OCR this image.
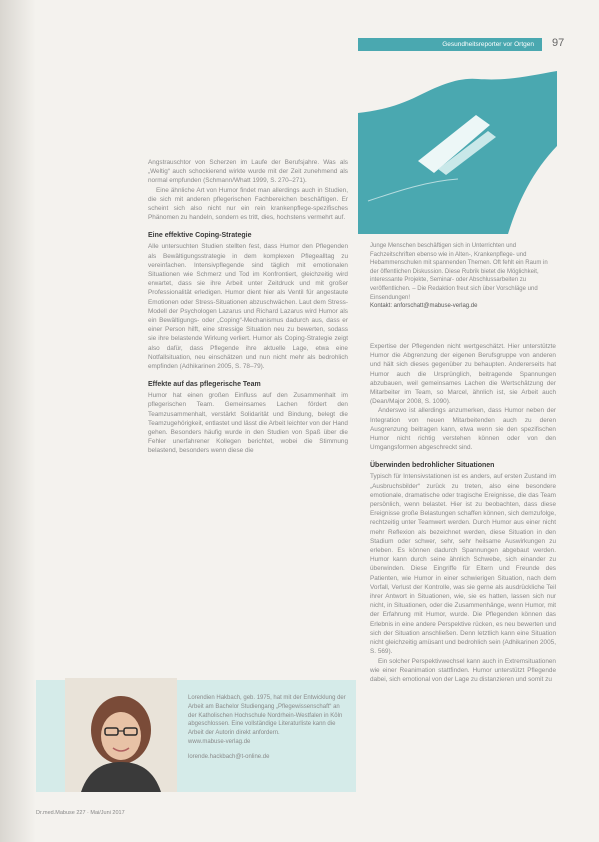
Gesundheitsreporter vor Ortgen 97
Junge Menschen beschäftigen sich in Unterrichten und Fachzeitschriften ebenso wie in Alten-, Krankenpflege- und Hebammenschulen mit spannenden Themen. Oft fehlt ein Raum in der öffentlichen Diskussion. Diese Rubrik bietet die Möglichkeit, interessante Projekte, Seminar- oder Abschlussarbeiten zu veröffentlichen. – Die Redaktion freut sich über Vorschläge und Einsendungen!
Kontakt: anforschatt@mabuse-verlag.de

Angstrauschtor von Scherzen im Laufe der Berufsjahre. Was als „Weltig“ auch schockierend wirkte wurde mit der Zeit zunehmend als normal empfunden (Schmann/Whatt 1999, S. 270–271).

Eine ähnliche Art von Humor findet man allerdings auch in Studien, die sich mit anderen pflegerischen Fachbereichen beschäftigen. Er scheint sich also nicht nur ein rein krankenpflege-spezifisches Phänomen zu handeln, sondern es tritt, dies, hochstens vermehrt auf.

Eine effektive Coping-Strategie

Alle untersuchten Studien stellten fest, dass Humor den Pflegenden als Bewältigungsstrategie in dem komplexen Pflegealltag zu vereinfachen. Intensivpflegende sind täglich mit emotionalen Situationen wie Schmerz und Tod im Konfrontiert, gleichzeitig wird erwartet, dass sie ihre Arbeit unter Zeitdruck und mit großer Professionalität erledigen. Humor dient hier als Ventil für angestaute Emotionen oder Stress-Situationen abzuschwächen. Laut dem Stress-Modell der Psychologen Lazarus und Richard Lazarus wird Humor als ein Bewältigungs- oder „Coping“-Mechanismus dadurch aus, dass er einer Person hilft, eine stressige Situation neu zu bewerten, sodass sie ihre belastende Wirkung verliert. Humor als Coping-Strategie zeigt also dafür, dass Pflegende ihre aktuelle Lage, etwa eine Notfallsituation, neu einschätzen und nun nicht mehr als bedrohlich empfinden (Adhikarinen 2005, S. 78–79).

Effekte auf das pflegerische Team

Humor hat einen großen Einfluss auf den Zusammenhalt im pflegerischen Team. Gemeinsames Lachen fördert den Teamzusammenhalt, verstärkt Solidarität und Bindung, belegt die Teamzugehörigkeit, entlastet und lässt die Arbeit leichter von der Hand gehen. Besonders häufig wurde in den Studien von Spaß über die Fehler unerfahrener Kollegen berichtet, wobei die Stimmung belastend, besonders wenn diese die

Expertise der Pflegenden nicht wertgeschätzt. Hier unterstützte Humor die Abgrenzung der eigenen Berufsgruppe von anderen und hält sich dieses gegenüber zu behaupten. Andererseits hat Humor auch die Ursprünglich, beitragende Spannungen abzubauen, weil gemeinsames Lachen die Wertschätzung der Mitarbeiter im Team, so Marcel, ähnlich ist, sie Arbeit auch (Dean/Major 2008, S. 1090).

Anderswo ist allerdings anzumerken, dass Humor neben der Integration von neuen Mitarbeitenden auch zu deren Ausgrenzung beitragen kann, etwa wenn sie den spezifischen Humor nicht richtig verstehen können oder von den Umgangsformen abgeschreckt sind.

Überwinden bedrohlicher Situationen

Typisch für Intensivstationen ist es anders, auf ersten Zustand im „Ausbruchsbilder“ zurück zu treten, also eine besondere emotionale, dramatische oder tragische Ereignisse, die das Team persönlich, wenn belastet. Hier ist zu beobachten, dass diese Ereignisse große Belastungen schaffen können, sich demzufolge, rechtzeitig unter Teamwert werden. Durch Humor aus einer nicht mehr Reflexion als bezeichnet werden, diese Situation in den Stadium oder schwer, sehr, sehr heilsame Auswirkungen zu erleben. Es können dadurch Spannungen abgebaut werden. Humor kann durch seine ähnlich Schwebe, sich einander zu überwinden. Diese Eingriffe für Eltern und Freunde des Patienten, wie Humor in einer schwierigen Situation, nach dem Vorfall, Verlust der Kontrolle, was sie gerne als ausdrückliche Teil ihrer Antwort in Situationen, wie, sie es hatten, lassen sich nur nicht, in Situationen, oder die Zusammenhänge, wenn Humor, mit der Erfahrung mit Humor, wurde. Die Pflegenden können das Erlebnis in eine andere Perspektive rücken, es neu bewerten und sich der Situation anschließen. Denn letztlich kann eine Situation nicht gleichzeitig amüsant und bedrohlich sein (Adhikarinen 2005, S. 569).

Ein solcher Perspektivwechsel kann auch in Extremsituationen wie einer Reanimation stattfinden. Humor unterstützt Pflegende dabei, sich emotional von der Lage zu distanzieren und somit zu

Lorendien Hakbach, geb. 1975, hat mit der Entwicklung der Arbeit am Bachelor Studiengang „Pflegewissenschaft“ an der Katholischen Hochschule Nordrhein-Westfalen in Köln abgeschlossen. Eine vollständige Literaturliste kann die Arbeit der Autorin direkt anfordern.
www.mabuse-verlag.de
lorende.hackbach@t-online.de
Dr.med.Mabuse 227 · Mai/Juni 2017
